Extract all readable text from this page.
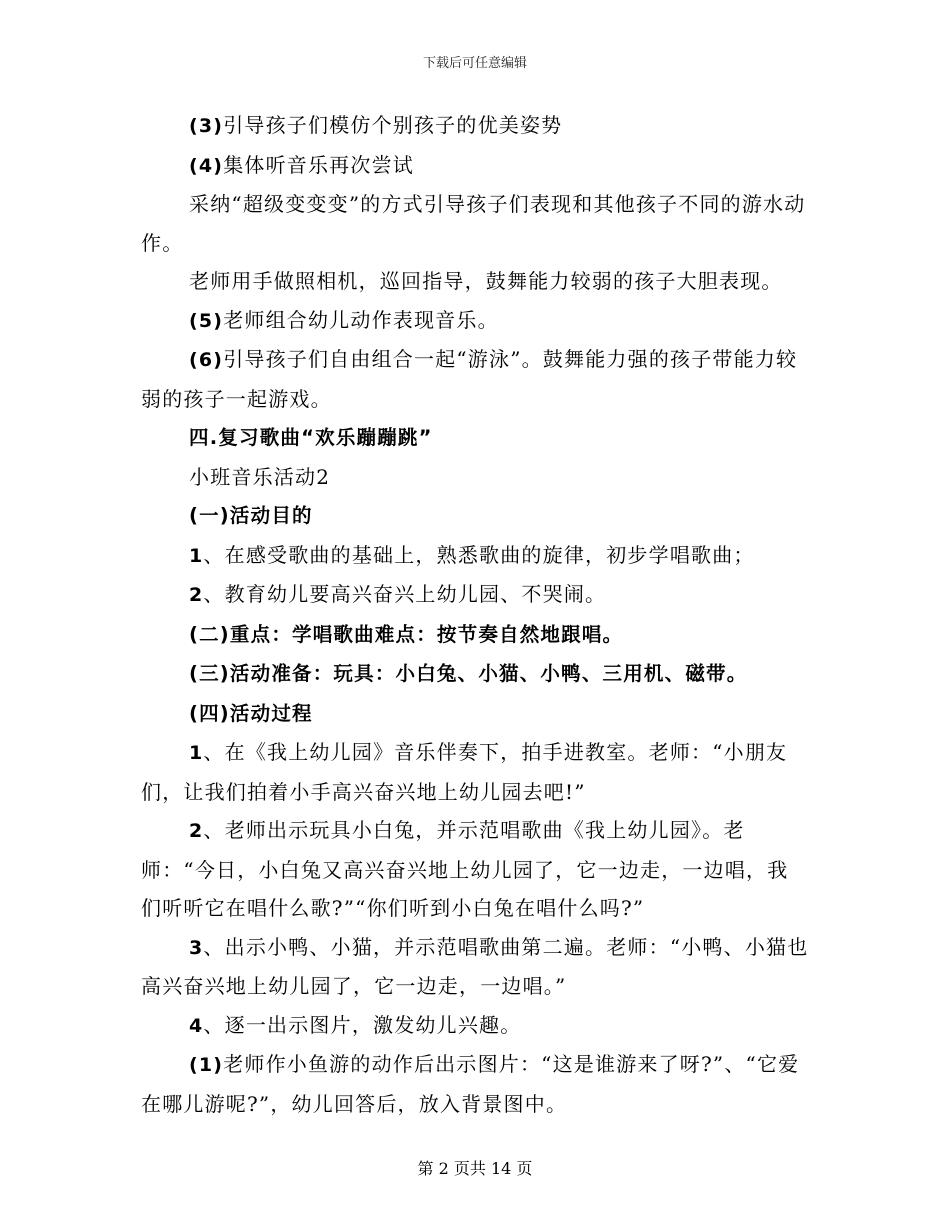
下载后可任意编辑

(3)引导孩子们模仿个别孩子的优美姿势

(4)集体听音乐再次尝试

采纳“超级变变变”的方式引导孩子们表现和其他孩子不同的游水动作。

老师用手做照相机，巡回指导，鼓舞能力较弱的孩子大胆表现。

(5)老师组合幼儿动作表现音乐。

(6)引导孩子们自由组合一起“游泳”。鼓舞能力强的孩子带能力较弱的孩子一起游戏。

四.复习歌曲“欢乐蹦蹦跳”

小班音乐活动2

(一)活动目的

1、在感受歌曲的基础上，熟悉歌曲的旋律，初步学唱歌曲；

2、教育幼儿要高兴奋兴上幼儿园、不哭闹。

(二)重点：学唱歌曲难点：按节奏自然地跟唱。

(三)活动准备：玩具：小白兔、小猫、小鸭、三用机、磁带。

(四)活动过程

1、在《我上幼儿园》音乐伴奏下，拍手进教室。老师：“小朋友们，让我们拍着小手高兴奋兴地上幼儿园去吧!”

2、老师出示玩具小白兔，并示范唱歌曲《我上幼儿园》。老师：“今日，小白兔又高兴奋兴地上幼儿园了，它一边走，一边唱，我们听听它在唱什么歌?”“你们听到小白兔在唱什么吗?”

3、出示小鸭、小猫，并示范唱歌曲第二遍。老师：“小鸭、小猫也高兴奋兴地上幼儿园了，它一边走，一边唱。”

4、逐一出示图片，激发幼儿兴趣。

(1)老师作小鱼游的动作后出示图片：“这是谁游来了呀?”、“它爱在哪儿游呢?”，幼儿回答后，放入背景图中。

第 2 页共 14 页
